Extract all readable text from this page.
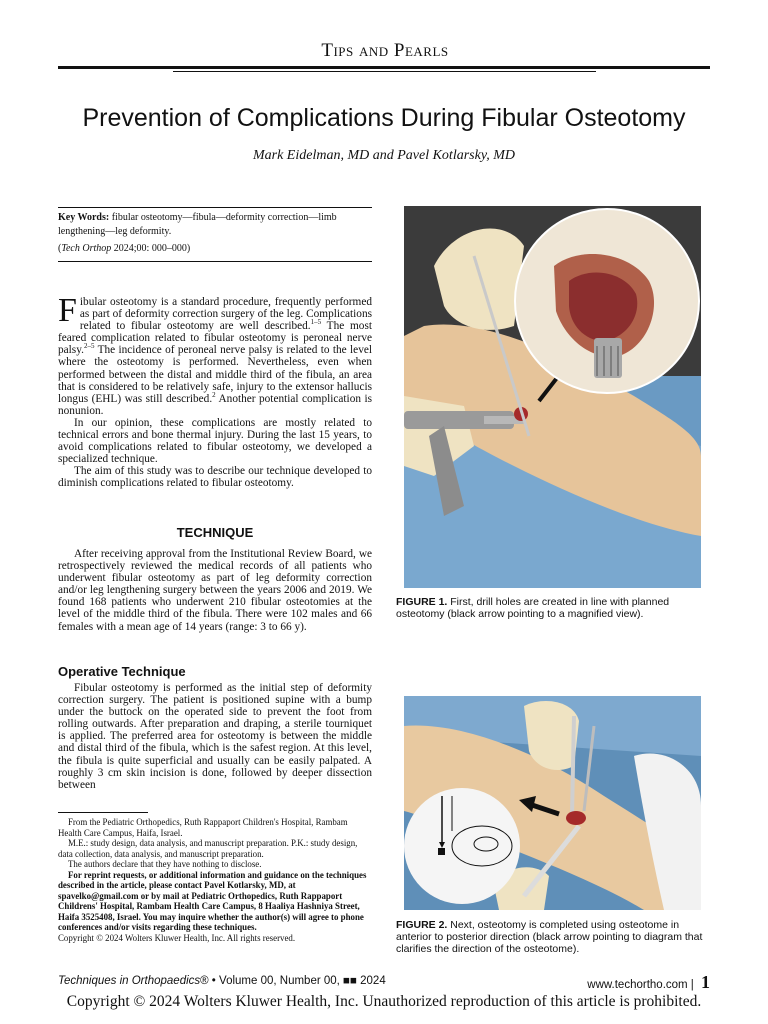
Tips and Pearls
Prevention of Complications During Fibular Osteotomy
Mark Eidelman, MD and Pavel Kotlarsky, MD
Key Words: fibular osteotomy—fibula—deformity correction—limb lengthening—leg deformity.
(Tech Orthop 2024;00: 000–000)

Fibular osteotomy is a standard procedure, frequently performed as part of deformity correction surgery of the leg. Complications related to fibular osteotomy are well described.$^{1-5}$ The most feared complication related to fibular osteotomy is peroneal nerve palsy.$^{2-5}$ The incidence of peroneal nerve palsy is related to the level where the osteotomy is performed. Nevertheless, even when performed between the distal and middle third of the fibula, an area that is considered to be relatively safe, injury to the extensor hallucis longus (EHL) was still described.$^2$ Another potential complication is nonunion.

In our opinion, these complications are mostly related to technical errors and bone thermal injury. During the last 15 years, to avoid complications related to fibular osteotomy, we developed a specialized technique.

The aim of this study was to describe our technique developed to diminish complications related to fibular osteotomy.

TECHNIQUE

After receiving approval from the Institutional Review Board, we retrospectively reviewed the medical records of all patients who underwent fibular osteotomy as part of leg deformity correction and/or leg lengthening surgery between the years 2006 and 2019. We found 168 patients who underwent 210 fibular osteotomies at the level of the middle third of the fibula. There were 102 males and 66 females with a mean age of 14 years (range: 3 to 66 y).

Operative Technique

Fibular osteotomy is performed as the initial step of deformity correction surgery. The patient is positioned supine with a bump under the buttock on the operated side to prevent the foot from rolling outwards. After preparation and draping, a sterile tourniquet is applied. The preferred area for osteotomy is between the middle and distal third of the fibula, which is the safest region. At this level, the fibula is quite superficial and usually can be easily palpated. A roughly 3 cm skin incision is done, followed by deeper dissection between

From the Pediatric Orthopedics, Ruth Rappaport Children's Hospital, Rambam Health Care Campus, Haifa, Israel.

M.E.: study design, data analysis, and manuscript preparation. P.K.: study design, data collection, data analysis, and manuscript preparation.

The authors declare that they have nothing to disclose.

For reprint requests, or additional information and guidance on the techniques described in the article, please contact Pavel Kotlarsky, MD, at spavelko@gmail.com or by mail at Pediatric Orthopedics, Ruth Rappaport Childrens' Hospital, Rambam Health Care Campus, 8 Haaliya Hashniya Street, Haifa 3525408, Israel. You may inquire whether the author(s) will agree to phone conferences and/or visits regarding these techniques.

Copyright © 2024 Wolters Kluwer Health, Inc. All rights reserved.

FIGURE 1. First, drill holes are created in line with planned osteotomy (black arrow pointing to a magnified view).
FIGURE 2. Next, osteotomy is completed using osteotome in anterior to posterior direction (black arrow pointing to diagram that clarifies the direction of the osteotome).
Techniques in Orthopaedics® • Volume 00, Number 00, ■■ 2024	www.techortho.com | 1
Copyright © 2024 Wolters Kluwer Health, Inc. Unauthorized reproduction of this article is prohibited.
